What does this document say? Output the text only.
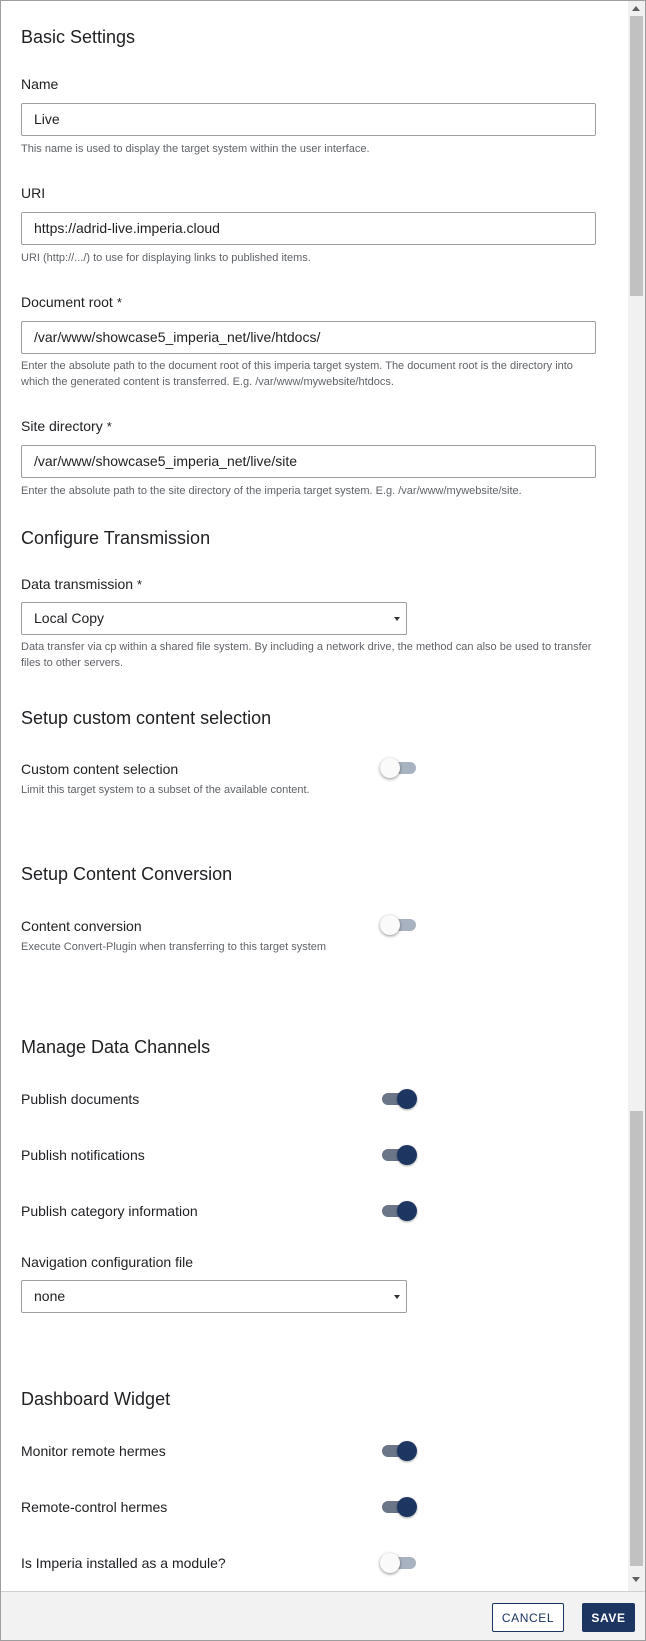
Basic Settings
Name
Live
This name is used to display the target system within the user interface.
URI
https://adrid-live.imperia.cloud
URI (http://.../) to use for displaying links to published items.
Document root *
/var/www/showcase5_imperia_net/live/htdocs/
Enter the absolute path to the document root of this imperia target system. The document root is the directory into which the generated content is transferred. E.g. /var/www/mywebsite/htdocs.
Site directory *
/var/www/showcase5_imperia_net/live/site
Enter the absolute path to the site directory of the imperia target system. E.g. /var/www/mywebsite/site.
Configure Transmission
Data transmission *
Local Copy
Data transfer via cp within a shared file system. By including a network drive, the method can also be used to transfer files to other servers.
Setup custom content selection
Custom content selection
Limit this target system to a subset of the available content.
Setup Content Conversion
Content conversion
Execute Convert-Plugin when transferring to this target system
Manage Data Channels
Publish documents
Publish notifications
Publish category information
Navigation configuration file
none
Dashboard Widget
Monitor remote hermes
Remote-control hermes
Is Imperia installed as a module?
CANCEL	SAVE
